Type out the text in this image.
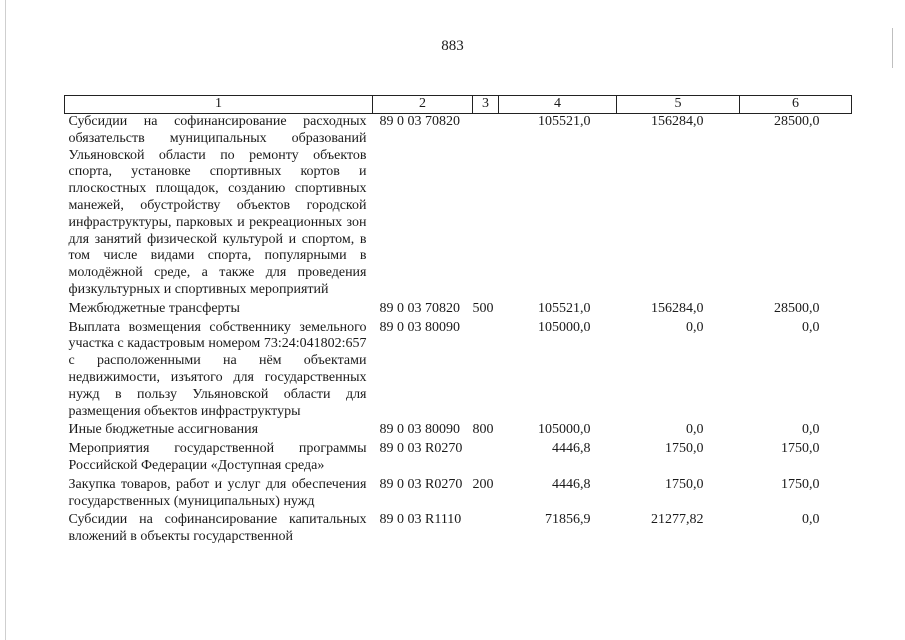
883
1	2	3	4	5	6
Субсидии на софинансирование расходных обязательств муниципальных образований Ульяновской области по ремонту объектов спорта, установке спортивных кортов и плоскостных площадок, созданию спортивных манежей, обустройству объектов городской инфраструктуры, парковых и рекреационных зон для занятий физической культурой и спортом, в том числе видами спорта, популярными в молодёжной среде, а также для проведения физкультурных и спортивных мероприятий	89 0 03 70820		105521,0	156284,0	28500,0
Межбюджетные трансферты	89 0 03 70820	500	105521,0	156284,0	28500,0
Выплата возмещения собственнику земельного участка с кадастровым номером 73:24:041802:657 с расположенными на нём объектами недвижимости, изъятого для государственных нужд в пользу Ульяновской области для размещения объектов инфраструктуры	89 0 03 80090		105000,0	0,0	0,0
Иные бюджетные ассигнования	89 0 03 80090	800	105000,0	0,0	0,0
Мероприятия государственной программы Российской Федерации «Доступная среда»	89 0 03 R0270		4446,8	1750,0	1750,0
Закупка товаров, работ и услуг для обеспечения государственных (муниципальных) нужд	89 0 03 R0270	200	4446,8	1750,0	1750,0
Субсидии на софинансирование капитальных вложений в объекты государственной	89 0 03 R1110		71856,9	21277,82	0,0
